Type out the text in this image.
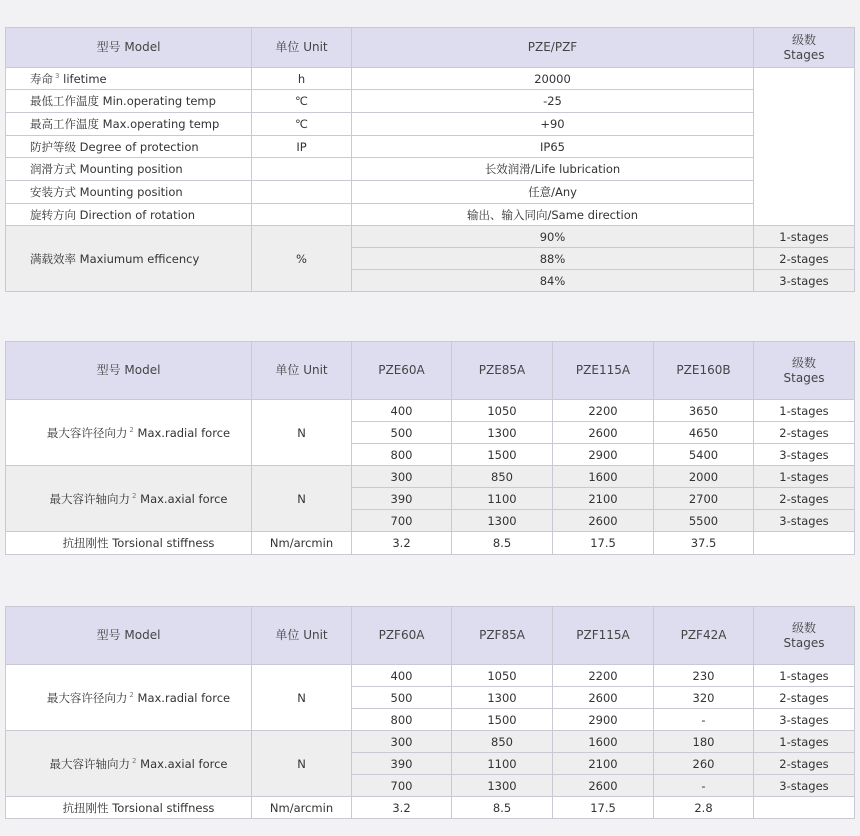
型号 Model	单位 Unit	PZE/PZF	级数
Stages

寿命 $^3$ lifetime	h	20000	
最低工作温度 Min.operating temp	℃	-25	
最高工作温度 Max.operating temp	℃	+90	
防护等级 Degree of protection	IP	IP65	
润滑方式 Mounting position		长效润滑/Life lubrication	
安装方式 Mounting position		任意/Any	
旋转方向 Direction of rotation		输出、输入同向/Same direction	
满载效率 Maxiumum efficency	%	90%	1-stages
		88%	2-stages
		84%	3-stages
型号 Model	单位 Unit	PZE60A	PZE85A	PZE115A	PZE160B	级数
Stages

最大容许径向力 $^2$ Max.radial force	N	400	1050	2200	3650	1-stages
		500	1300	2600	4650	2-stages
		800	1500	2900	5400	3-stages
最大容许轴向力 $^2$ Max.axial force	N	300	850	1600	2000	1-stages
		390	1100	2100	2700	2-stages
		700	1300	2600	5500	3-stages
抗扭刚性 Torsional stiffness	Nm/arcmin	3.2	8.5	17.5	37.5	
型号 Model	单位 Unit	PZF60A	PZF85A	PZF115A	PZF42A	级数
Stages

最大容许径向力 $^2$ Max.radial force	N	400	1050	2200	230	1-stages
		500	1300	2600	320	2-stages
		800	1500	2900	-	3-stages
最大容许轴向力 $^2$ Max.axial force	N	300	850	1600	180	1-stages
		390	1100	2100	260	2-stages
		700	1300	2600	-	3-stages
抗扭刚性 Torsional stiffness	Nm/arcmin	3.2	8.5	17.5	2.8	
